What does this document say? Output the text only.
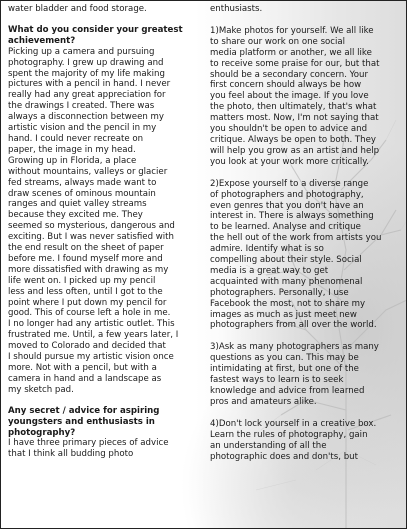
water bladder and food storage.

What do you consider your greatest
achievement?

Picking up a camera and pursuing
photography. I grew up drawing and
spent the majority of my life making
pictures with a pencil in hand. I never
really had any great appreciation for
the drawings I created. There was
always a disconnection between my
artistic vision and the pencil in my
hand. I could never recreate on
paper, the image in my head.
Growing up in Florida, a place
without mountains, valleys or glacier
fed streams, always made want to
draw scenes of ominous mountain
ranges and quiet valley streams
because they excited me. They
seemed so mysterious, dangerous and
exciting. But I was never satisfied with
the end result on the sheet of paper
before me. I found myself more and
more dissatisfied with drawing as my
life went on. I picked up my pencil
less and less often, until I got to the
point where I put down my pencil for
good. This of course left a hole in me.
I no longer had any artistic outlet. This
frustrated me. Until, a few years later, I
moved to Colorado and decided that
I should pursue my artistic vision once
more. Not with a pencil, but with a
camera in hand and a landscape as
my sketch pad.

Any secret / advice for aspiring
youngsters and enthusiasts in
photography?

I have three primary pieces of advice
that I think all budding photo

enthusiasts.

1)Make photos for yourself. We all like
to share our work on one social
media platform or another, we all like
to receive some praise for our, but that
should be a secondary concern. Your
first concern should always be how
you feel about the image. If you love
the photo, then ultimately, that's what
matters most. Now, I'm not saying that
you shouldn't be open to advice and
critique. Always be open to both. They
will help you grow as an artist and help
you look at your work more critically.

2)Expose yourself to a diverse range
of photographers and photography,
even genres that you don't have an
interest in. There is always something
to be learned. Analyse and critique
the hell out of the work from artists you
admire. Identify what is so
compelling about their style. Social
media is a great way to get
acquainted with many phenomenal
photographers. Personally, I use
Facebook the most, not to share my
images as much as just meet new
photographers from all over the world.

3)Ask as many photographers as many
questions as you can. This may be
intimidating at first, but one of the
fastest ways to learn is to seek
knowledge and advice from learned
pros and amateurs alike.

4)Don't lock yourself in a creative box.
Learn the rules of photography, gain
an understanding of all the
photographic does and don'ts, but
